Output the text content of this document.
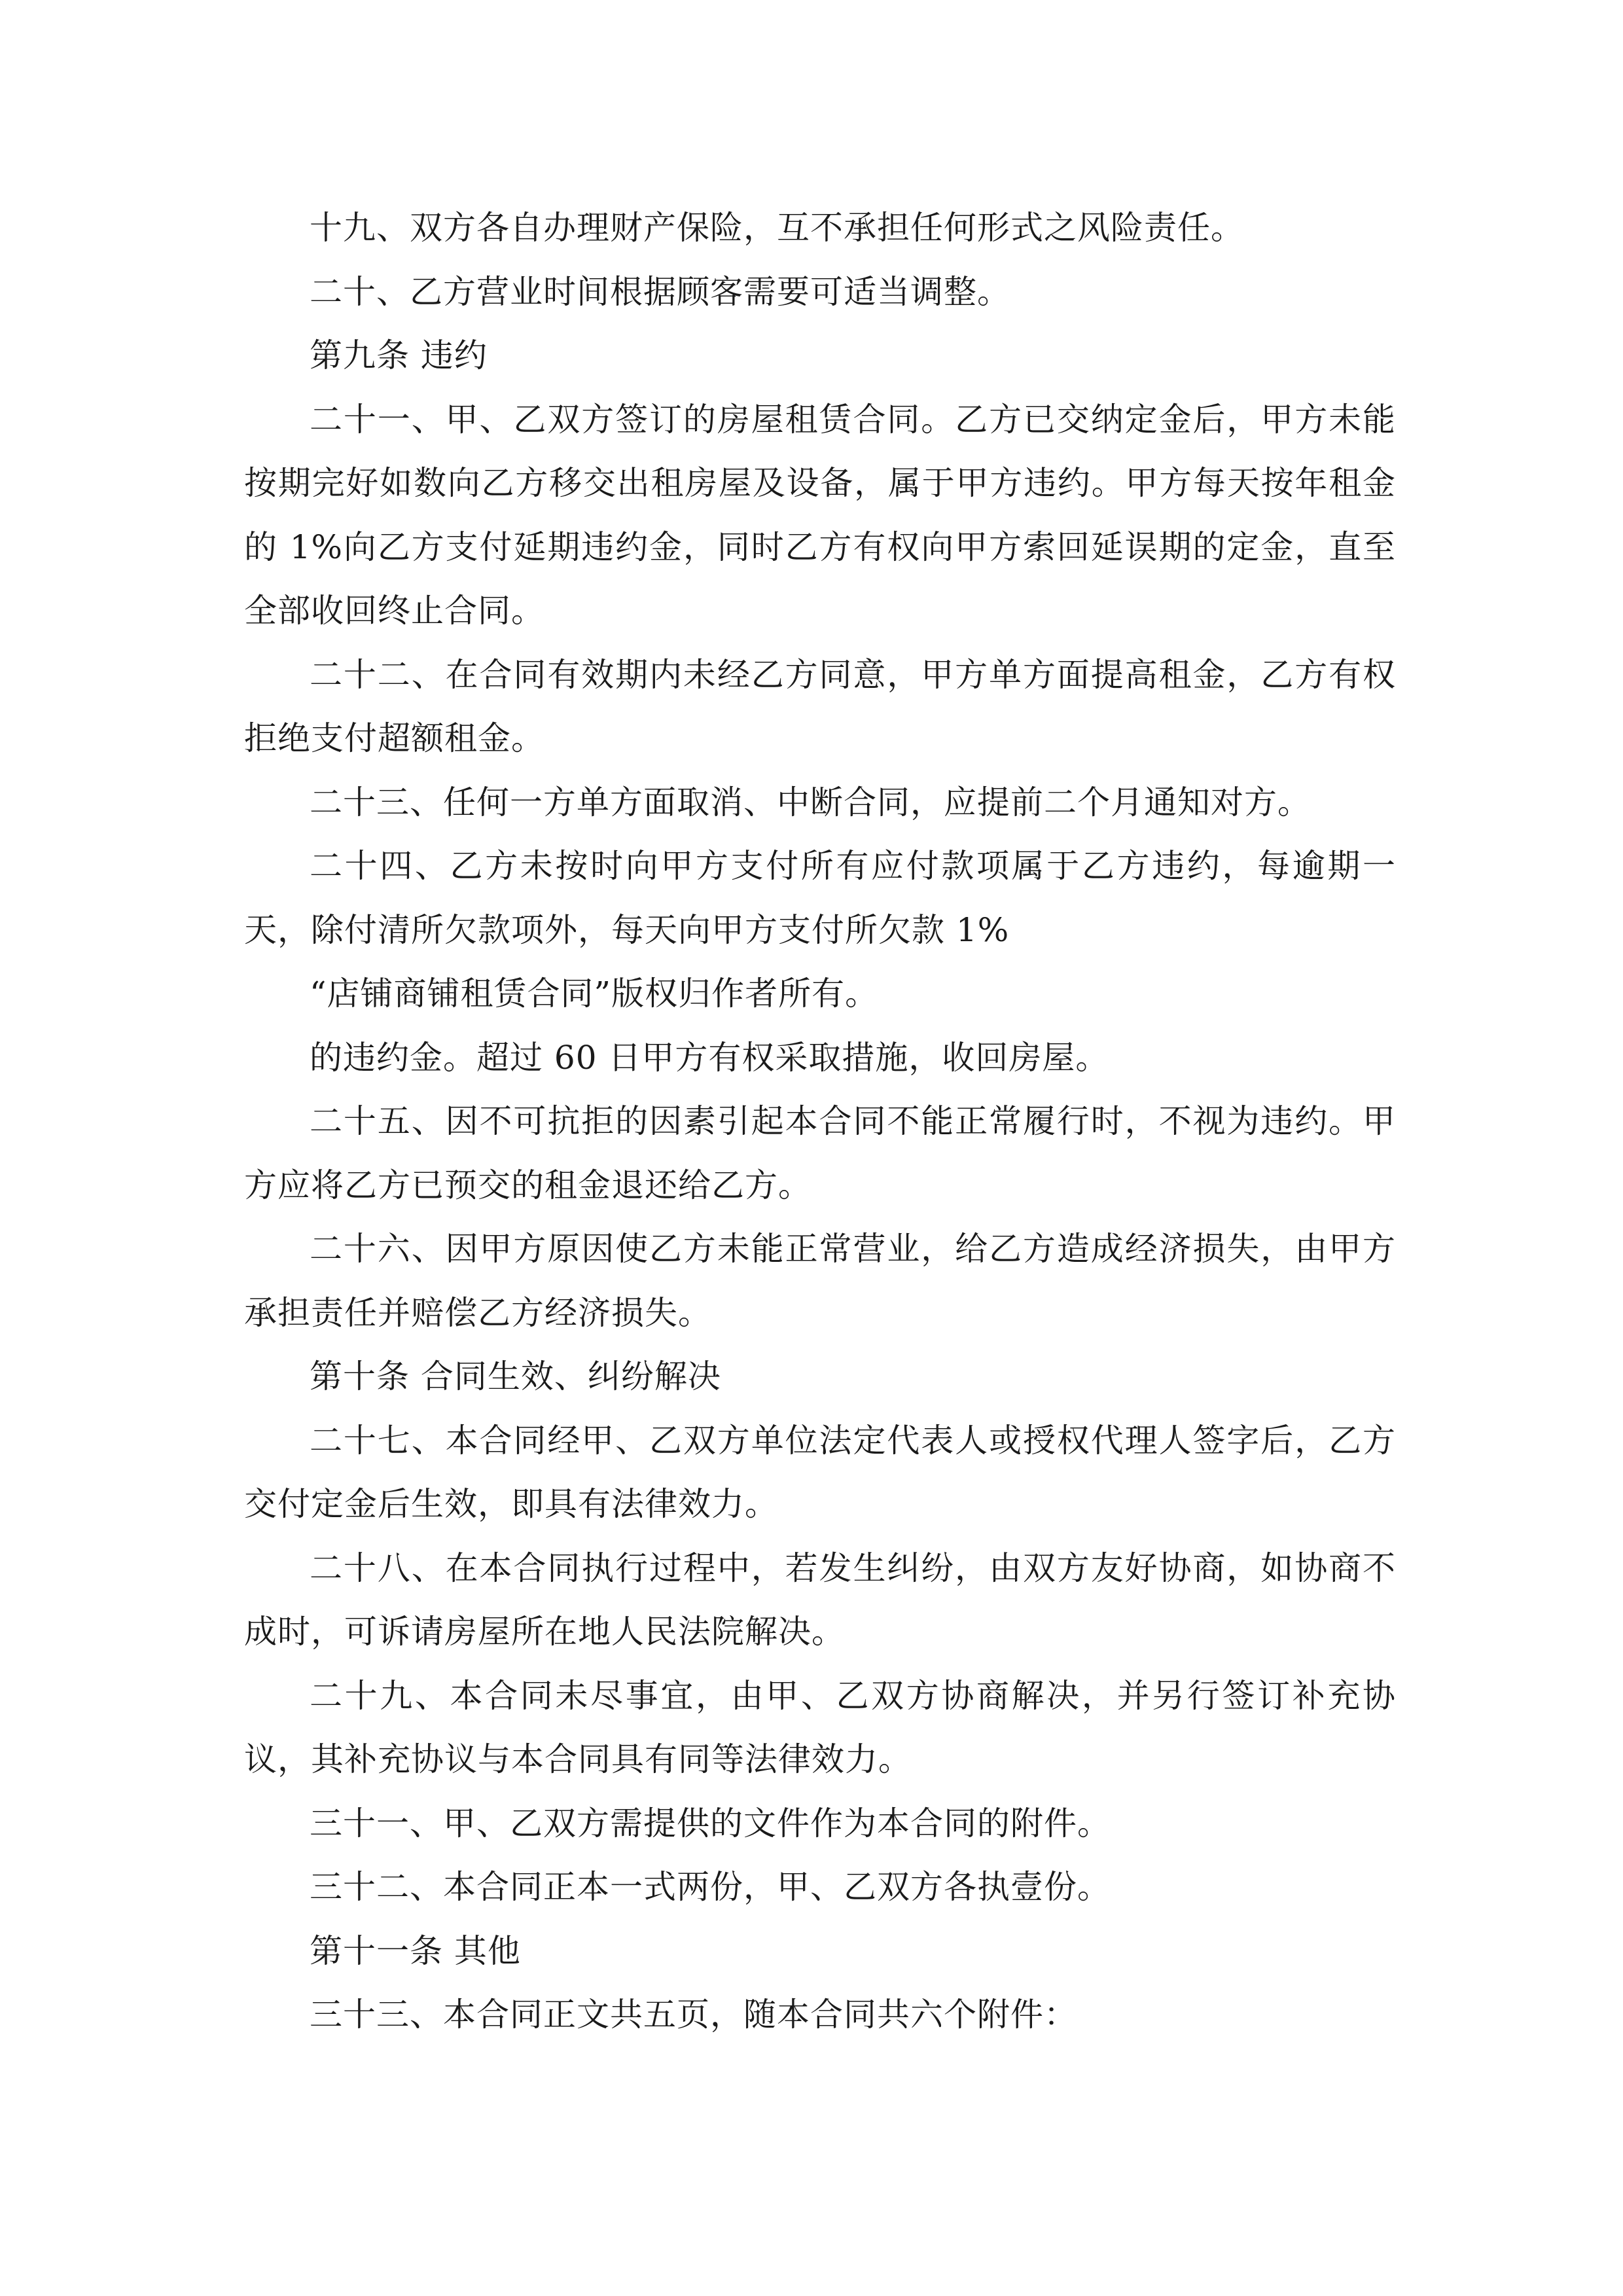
十九、双方各自办理财产保险，互不承担任何形式之风险责任。

二十、乙方营业时间根据顾客需要可适当调整。

第九条 违约

二十一、甲、乙双方签订的房屋租赁合同。乙方已交纳定金后，甲方未能按期完好如数向乙方移交出租房屋及设备，属于甲方违约。甲方每天按年租金的 1%向乙方支付延期违约金，同时乙方有权向甲方索回延误期的定金，直至全部收回终止合同。

二十二、在合同有效期内未经乙方同意，甲方单方面提高租金，乙方有权拒绝支付超额租金。

二十三、任何一方单方面取消、中断合同，应提前二个月通知对方。

二十四、乙方未按时向甲方支付所有应付款项属于乙方违约，每逾期一天，除付清所欠款项外，每天向甲方支付所欠款 1%

“店铺商铺租赁合同”版权归作者所有。

的违约金。超过 60 日甲方有权采取措施，收回房屋。

二十五、因不可抗拒的因素引起本合同不能正常履行时，不视为违约。甲方应将乙方已预交的租金退还给乙方。

二十六、因甲方原因使乙方未能正常营业，给乙方造成经济损失，由甲方承担责任并赔偿乙方经济损失。

第十条 合同生效、纠纷解决

二十七、本合同经甲、乙双方单位法定代表人或授权代理人签字后，乙方交付定金后生效，即具有法律效力。

二十八、在本合同执行过程中，若发生纠纷，由双方友好协商，如协商不成时，可诉请房屋所在地人民法院解决。

二十九、本合同未尽事宜，由甲、乙双方协商解决，并另行签订补充协议，其补充协议与本合同具有同等法律效力。

三十一、甲、乙双方需提供的文件作为本合同的附件。

三十二、本合同正本一式两份，甲、乙双方各执壹份。

第十一条 其他

三十三、本合同正文共五页，随本合同共六个附件：
